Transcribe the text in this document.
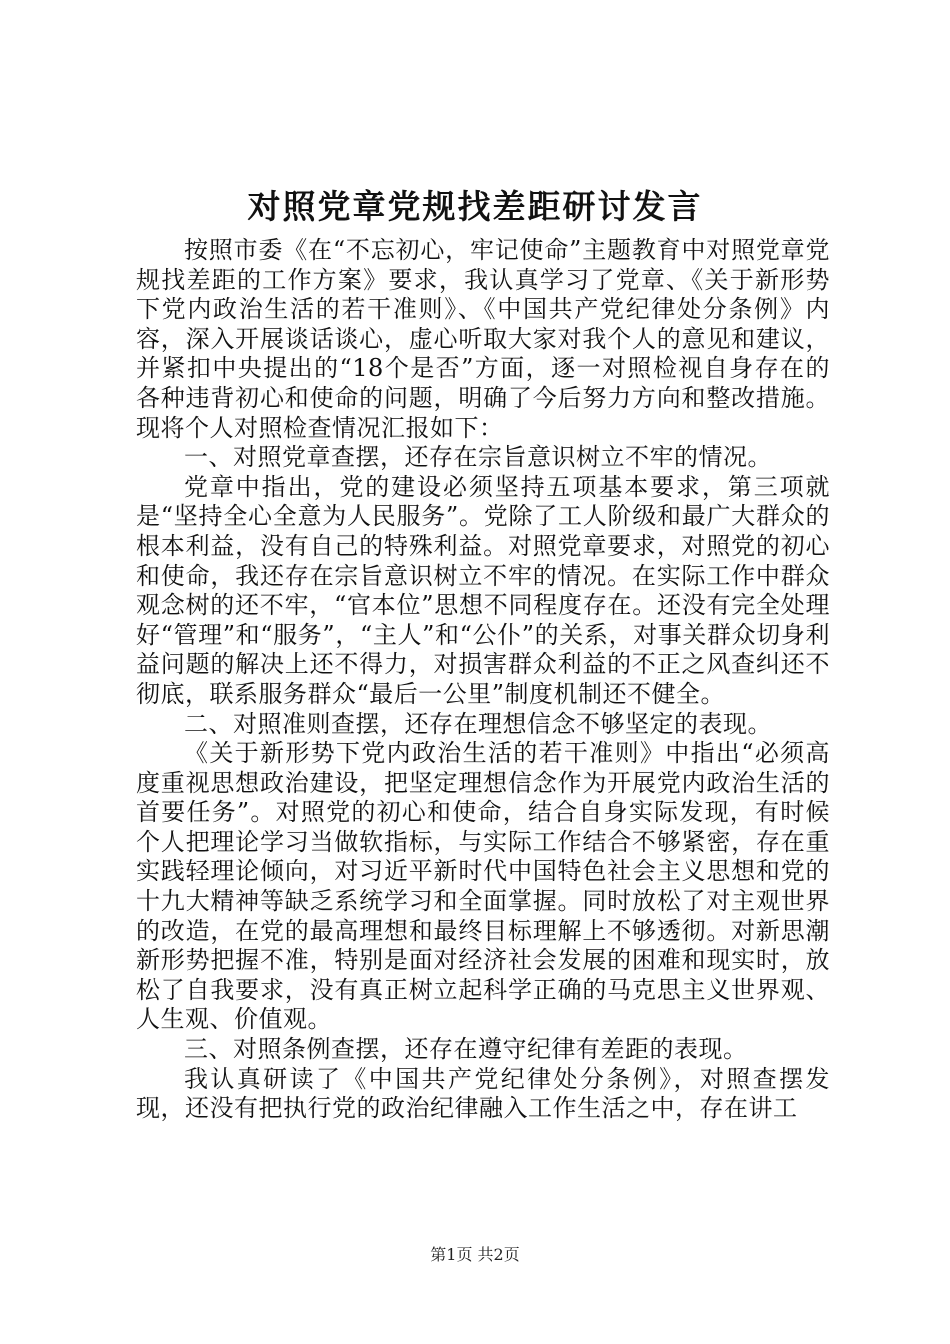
对照党章党规找差距研讨发言

按照市委《在“不忘初心，牢记使命”主题教育中对照党章党规找差距的工作方案》要求，我认真学习了党章、《关于新形势下党内政治生活的若干准则》、《中国共产党纪律处分条例》内容，深入开展谈话谈心，虚心听取大家对我个人的意见和建议，并紧扣中央提出的“18个是否”方面，逐一对照检视自身存在的各种违背初心和使命的问题，明确了今后努力方向和整改措施。现将个人对照检查情况汇报如下：

一、对照党章查摆，还存在宗旨意识树立不牢的情况。

党章中指出，党的建设必须坚持五项基本要求，第三项就是“坚持全心全意为人民服务”。党除了工人阶级和最广大群众的根本利益，没有自己的特殊利益。对照党章要求，对照党的初心和使命，我还存在宗旨意识树立不牢的情况。在实际工作中群众观念树的还不牢，“官本位”思想不同程度存在。还没有完全处理好“管理”和“服务”，“主人”和“公仆”的关系，对事关群众切身利益问题的解决上还不得力，对损害群众利益的不正之风查纠还不彻底，联系服务群众“最后一公里”制度机制还不健全。

二、对照准则查摆，还存在理想信念不够坚定的表现。

《关于新形势下党内政治生活的若干准则》中指出“必须高度重视思想政治建设，把坚定理想信念作为开展党内政治生活的首要任务”。对照党的初心和使命，结合自身实际发现，有时候个人把理论学习当做软指标，与实际工作结合不够紧密，存在重实践轻理论倾向，对习近平新时代中国特色社会主义思想和党的十九大精神等缺乏系统学习和全面掌握。同时放松了对主观世界的改造，在党的最高理想和最终目标理解上不够透彻。对新思潮新形势把握不准，特别是面对经济社会发展的困难和现实时，放松了自我要求，没有真正树立起科学正确的马克思主义世界观、人生观、价值观。

三、对照条例查摆，还存在遵守纪律有差距的表现。

我认真研读了《中国共产党纪律处分条例》，对照查摆发现，还没有把执行党的政治纪律融入工作生活之中，存在讲工

第1页 共2页
